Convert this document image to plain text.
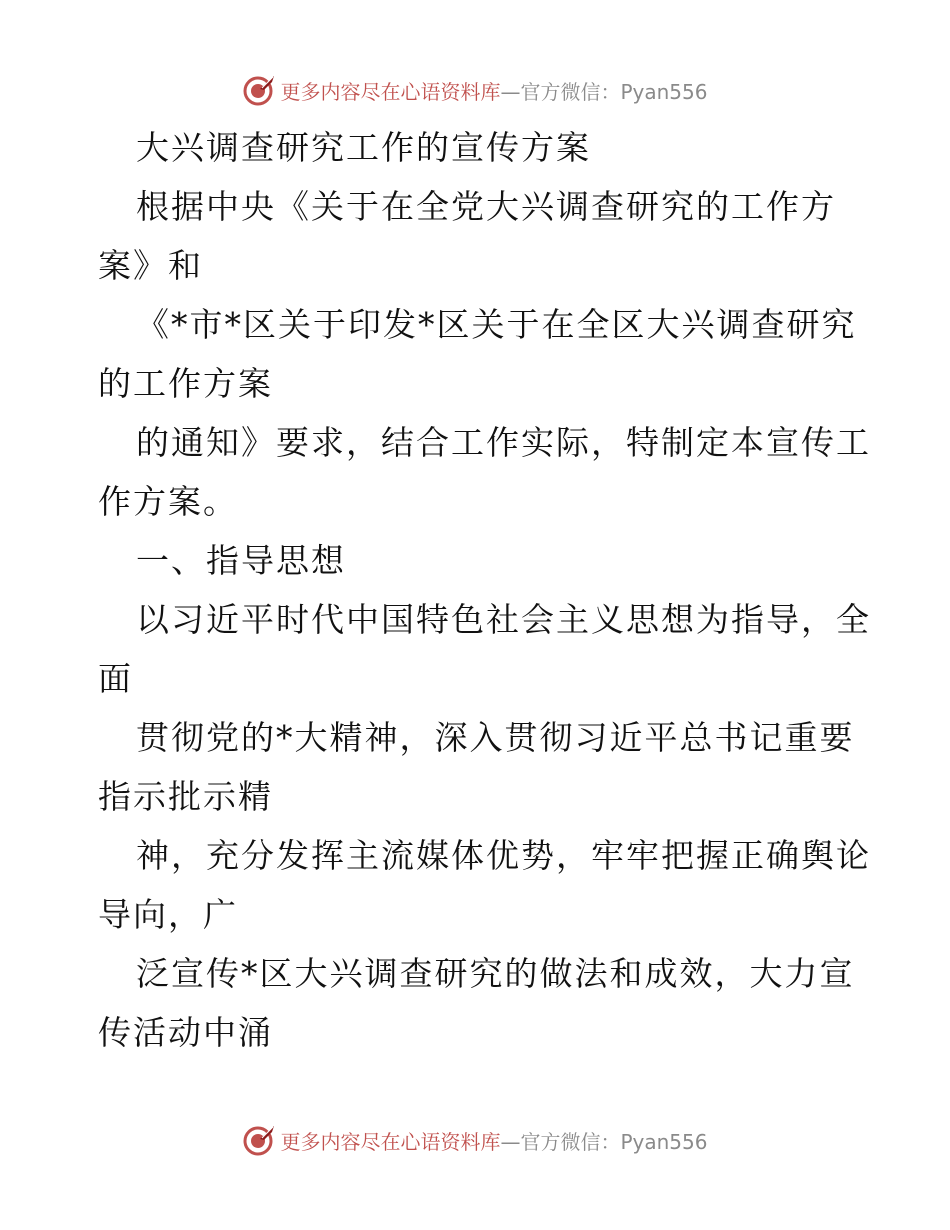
更多内容尽在心语资料库—官方微信：Pyan556
大兴调查研究工作的宣传方案
根据中央《关于在全党大兴调查研究的工作方
案》和
《*市*区关于印发*区关于在全区大兴调查研究
的工作方案
的通知》要求，结合工作实际，特制定本宣传工
作方案。
一、指导思想
以习近平时代中国特色社会主义思想为指导，全
面
贯彻党的*大精神，深入贯彻习近平总书记重要
指示批示精
神，充分发挥主流媒体优势，牢牢把握正确舆论
导向，广
泛宣传*区大兴调查研究的做法和成效，大力宣
传活动中涌
更多内容尽在心语资料库—官方微信：Pyan556
